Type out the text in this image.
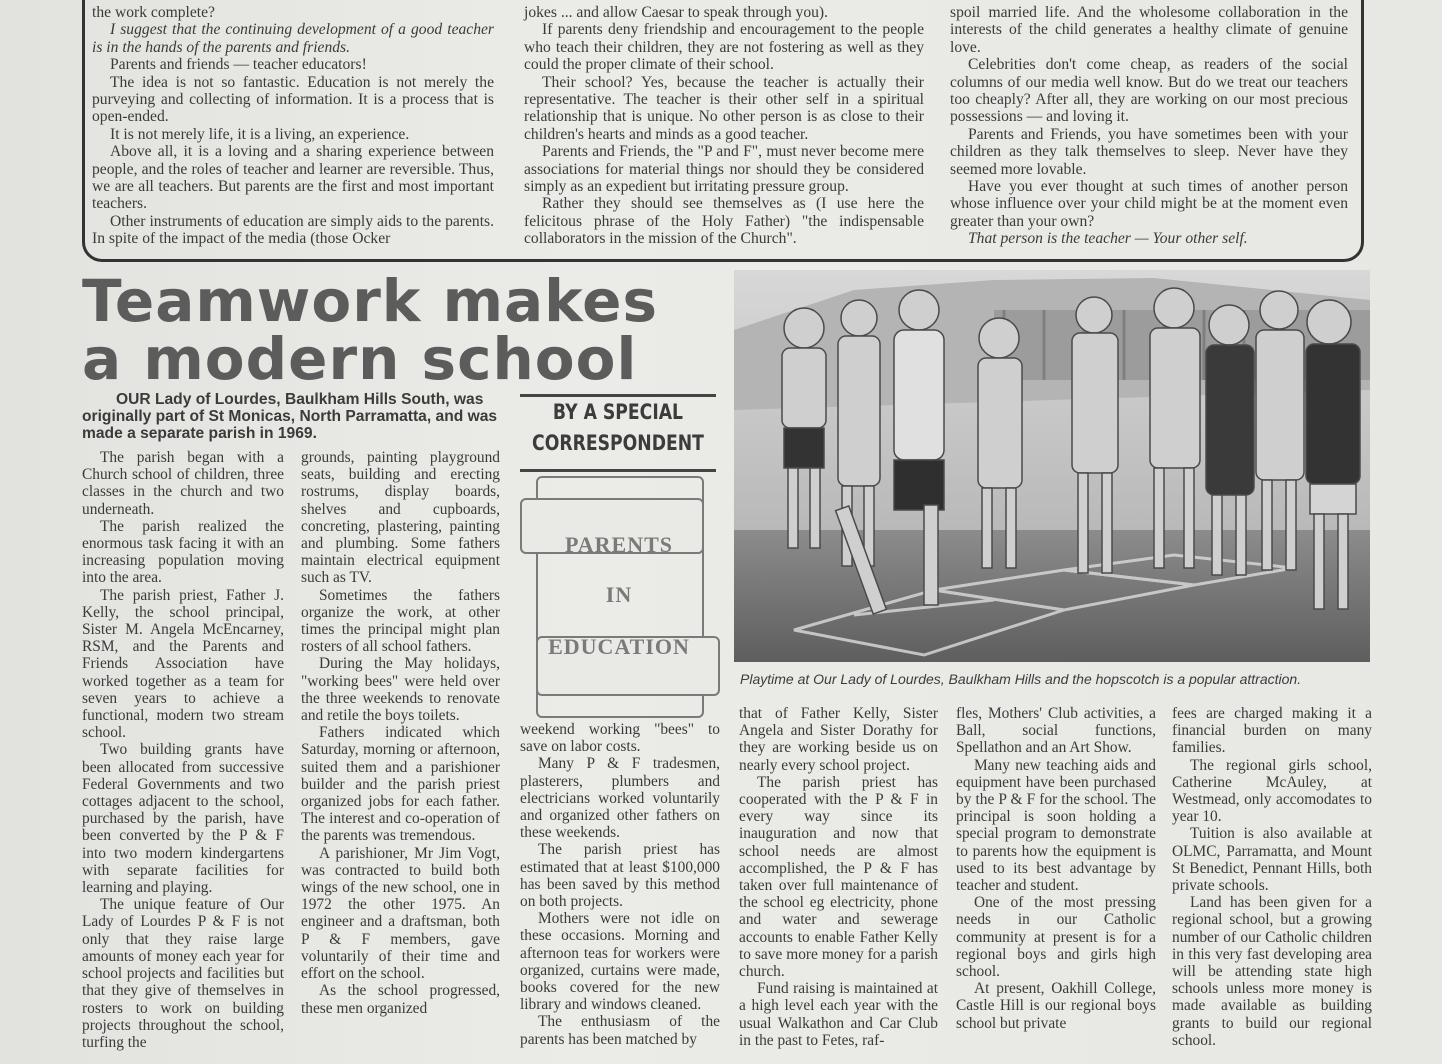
the work complete?

I suggest that the continuing development of a good teacher is in the hands of the parents and friends.

Parents and friends — teacher educators!

The idea is not so fantastic. Education is not merely the purveying and collecting of information. It is a process that is open-ended.

It is not merely life, it is a living, an experience.

Above all, it is a loving and a sharing experience between people, and the roles of teacher and learner are reversible. Thus, we are all teachers. But parents are the first and most important teachers.

Other instruments of education are simply aids to the parents. In spite of the impact of the media (those Ocker

jokes ... and allow Caesar to speak through you).

If parents deny friendship and encouragement to the people who teach their children, they are not fostering as well as they could the proper climate of their school.

Their school? Yes, because the teacher is actually their representative. The teacher is their other self in a spiritual relationship that is unique. No other person is as close to their children's hearts and minds as a good teacher.

Parents and Friends, the "P and F", must never become mere associations for material things nor should they be considered simply as an expedient but irritating pressure group.

Rather they should see themselves as (I use here the felicitous phrase of the Holy Father) "the indispensable collaborators in the mission of the Church".

spoil married life. And the wholesome collaboration in the interests of the child generates a healthy climate of genuine love.

Celebrities don't come cheap, as readers of the social columns of our media well know. But do we treat our teachers too cheaply? After all, they are working on our most precious possessions — and loving it.

Parents and Friends, you have sometimes been with your children as they talk themselves to sleep. Never have they seemed more lovable.

Have you ever thought at such times of another person whose influence over your child might be at the moment even greater than your own?

That person is the teacher — Your other self.

Teamwork makes
a modern school

OUR Lady of Lourdes, Baulkham Hills South, was originally part of St Monicas, North Parramatta, and was made a separate parish in 1969.

BY A SPECIAL
CORRESPONDENT
PARENTS
IN
EDUCATION

Playtime at Our Lady of Lourdes, Baulkham Hills and the hopscotch is a popular attraction.

The parish began with a Church school of children, three classes in the church and two underneath.

The parish realized the enormous task facing it with an increasing population moving into the area.

The parish priest, Father J. Kelly, the school principal, Sister M. Angela McEncarney, RSM, and the Parents and Friends Association have worked together as a team for seven years to achieve a functional, modern two stream school.

Two building grants have been allocated from successive Federal Governments and two cottages adjacent to the school, purchased by the parish, have been converted by the P & F into two modern kindergartens with separate facilities for learning and playing.

The unique feature of Our Lady of Lourdes P & F is not only that they raise large amounts of money each year for school projects and facilities but that they give of themselves in rosters to work on building projects throughout the school, turfing the

grounds, painting playground seats, building and erecting rostrums, display boards, shelves and cupboards, concreting, plastering, painting and plumbing. Some fathers maintain electrical equipment such as TV.

Sometimes the fathers organize the work, at other times the principal might plan rosters of all school fathers.

During the May holidays, "working bees" were held over the three weekends to renovate and retile the boys toilets.

Fathers indicated which Saturday, morning or afternoon, suited them and a parishioner builder and the parish priest organized jobs for each father. The interest and co-operation of the parents was tremendous.

A parishioner, Mr Jim Vogt, was contracted to build both wings of the new school, one in 1972 the other 1975. An engineer and a draftsman, both P & F members, gave voluntarily of their time and effort on the school.

As the school progressed, these men organized

weekend working "bees" to save on labor costs.

Many P & F tradesmen, plasterers, plumbers and electricians worked voluntarily and organized other fathers on these weekends.

The parish priest has estimated that at least $100,000 has been saved by this method on both projects.

Mothers were not idle on these occasions. Morning and afternoon teas for workers were organized, curtains were made, books covered for the new library and windows cleaned.

The enthusiasm of the parents has been matched by

that of Father Kelly, Sister Angela and Sister Dorathy for they are working beside us on nearly every school project.

The parish priest has cooperated with the P & F in every way since its inauguration and now that school needs are almost accomplished, the P & F has taken over full maintenance of the school eg electricity, phone and water and sewerage accounts to enable Father Kelly to save more money for a parish church.

Fund raising is maintained at a high level each year with the usual Walkathon and Car Club in the past to Fetes, raf-

fles, Mothers' Club activities, a Ball, social functions, Spellathon and an Art Show.

Many new teaching aids and equipment have been purchased by the P & F for the school. The principal is soon holding a special program to demonstrate to parents how the equipment is used to its best advantage by teacher and student.

One of the most pressing needs in our Catholic community at present is for a regional boys and girls high school.

At present, Oakhill College, Castle Hill is our regional boys school but private

fees are charged making it a financial burden on many families.

The regional girls school, Catherine McAuley, at Westmead, only accomodates to year 10.

Tuition is also available at OLMC, Parramatta, and Mount St Benedict, Pennant Hills, both private schools.

Land has been given for a regional school, but a growing number of our Catholic children in this very fast developing area will be attending state high schools unless more money is made available as building grants to build our regional school.
